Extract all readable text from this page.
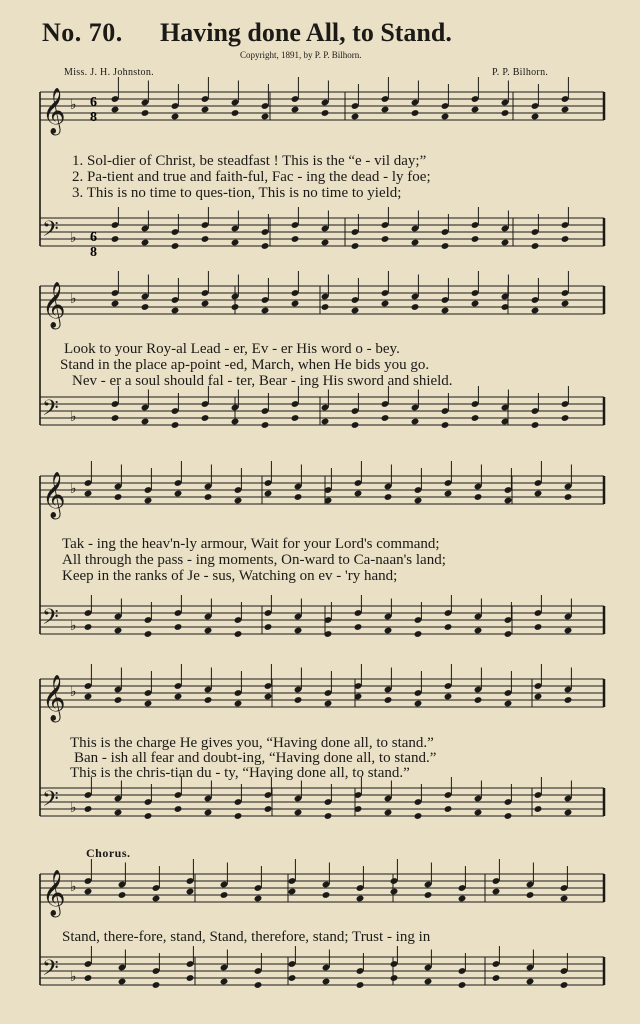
No. 70. Having done All, to Stand.
Copyright, 1891, by P. P. Bilhorn.
Miss. J. H. Johnston.	P. P. Bilhorn.
𝄞
𝄢
♭
♭
𝄞
𝄢
♭
♭
𝄞
𝄢
♭
♭
𝄞
𝄢
♭
♭
𝄞
𝄢
♭
♭
6
8
6
8
1. Sol-dier of Christ, be steadfast ! This is the “e - vil day;”
2. Pa-tient and true and faith-ful, Fac - ing the dead - ly foe;
3. This is no time to ques-tion, This is no time to yield;
Look to your Roy-al Lead - er, Ev - er His word o - bey.
Stand in the place ap-point -ed, March, when He bids you go.
Nev - er a soul should fal - ter, Bear - ing His sword and shield.
Tak - ing the heav'n-ly armour, Wait for your Lord's command;
All through the pass - ing moments, On-ward to Ca-naan's land;
Keep in the ranks of Je - sus, Watching on ev - 'ry hand;
This is the charge He gives you, “Having done all, to stand.”
Ban - ish all fear and doubt-ing, “Having done all, to stand.”
This is the chris-tian du - ty, “Having done all, to stand.”
Chorus.
Stand, there-fore, stand, Stand, therefore, stand; Trust - ing in
